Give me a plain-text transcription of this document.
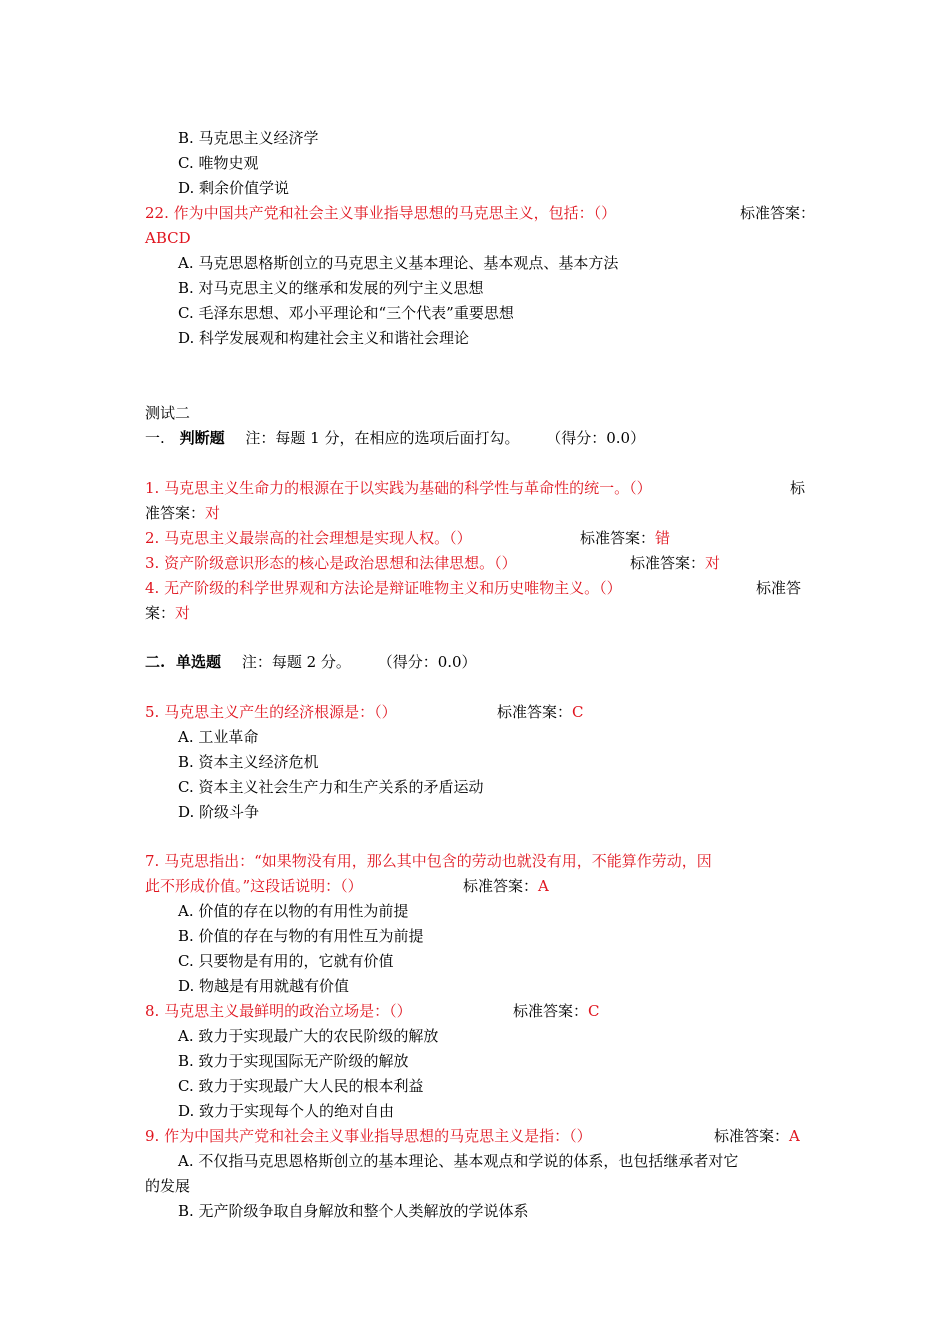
B. 马克思主义经济学
C. 唯物史观
D. 剩余价值学说
22. 作为中国共产党和社会主义事业指导思想的马克思主义，包括：（）	标准答案：
ABCD
A. 马克思恩格斯创立的马克思主义基本理论、基本观点、基本方法
B. 对马克思主义的继承和发展的列宁主义思想
C. 毛泽东思想、邓小平理论和“三个代表”重要思想
D. 科学发展观和构建社会主义和谐社会理论
测试二
一. 判断题 注：每题 1 分，在相应的选项后面打勾。 （得分：0.0）
1. 马克思主义生命力的根源在于以实践为基础的科学性与革命性的统一。（）	标
准答案：对
2. 马克思主义最崇高的社会理想是实现人权。（）	标准答案：错
3. 资产阶级意识形态的核心是政治思想和法律思想。（）	标准答案：对
4. 无产阶级的科学世界观和方法论是辩证唯物主义和历史唯物主义。（）	标准答
案：对
二. 单选题 注：每题 2 分。 （得分：0.0）
5. 马克思主义产生的经济根源是：（）	标准答案：C
A. 工业革命
B. 资本主义经济危机
C. 资本主义社会生产力和生产关系的矛盾运动
D. 阶级斗争
7. 马克思指出：“如果物没有用，那么其中包含的劳动也就没有用，不能算作劳动，因
此不形成价值。”这段话说明：（）	标准答案：A
A. 价值的存在以物的有用性为前提
B. 价值的存在与物的有用性互为前提
C. 只要物是有用的，它就有价值
D. 物越是有用就越有价值
8. 马克思主义最鲜明的政治立场是：（）	标准答案：C
A. 致力于实现最广大的农民阶级的解放
B. 致力于实现国际无产阶级的解放
C. 致力于实现最广大人民的根本利益
D. 致力于实现每个人的绝对自由
9. 作为中国共产党和社会主义事业指导思想的马克思主义是指：（）	标准答案：A
A. 不仅指马克思恩格斯创立的基本理论、基本观点和学说的体系，也包括继承者对它
的发展
B. 无产阶级争取自身解放和整个人类解放的学说体系
